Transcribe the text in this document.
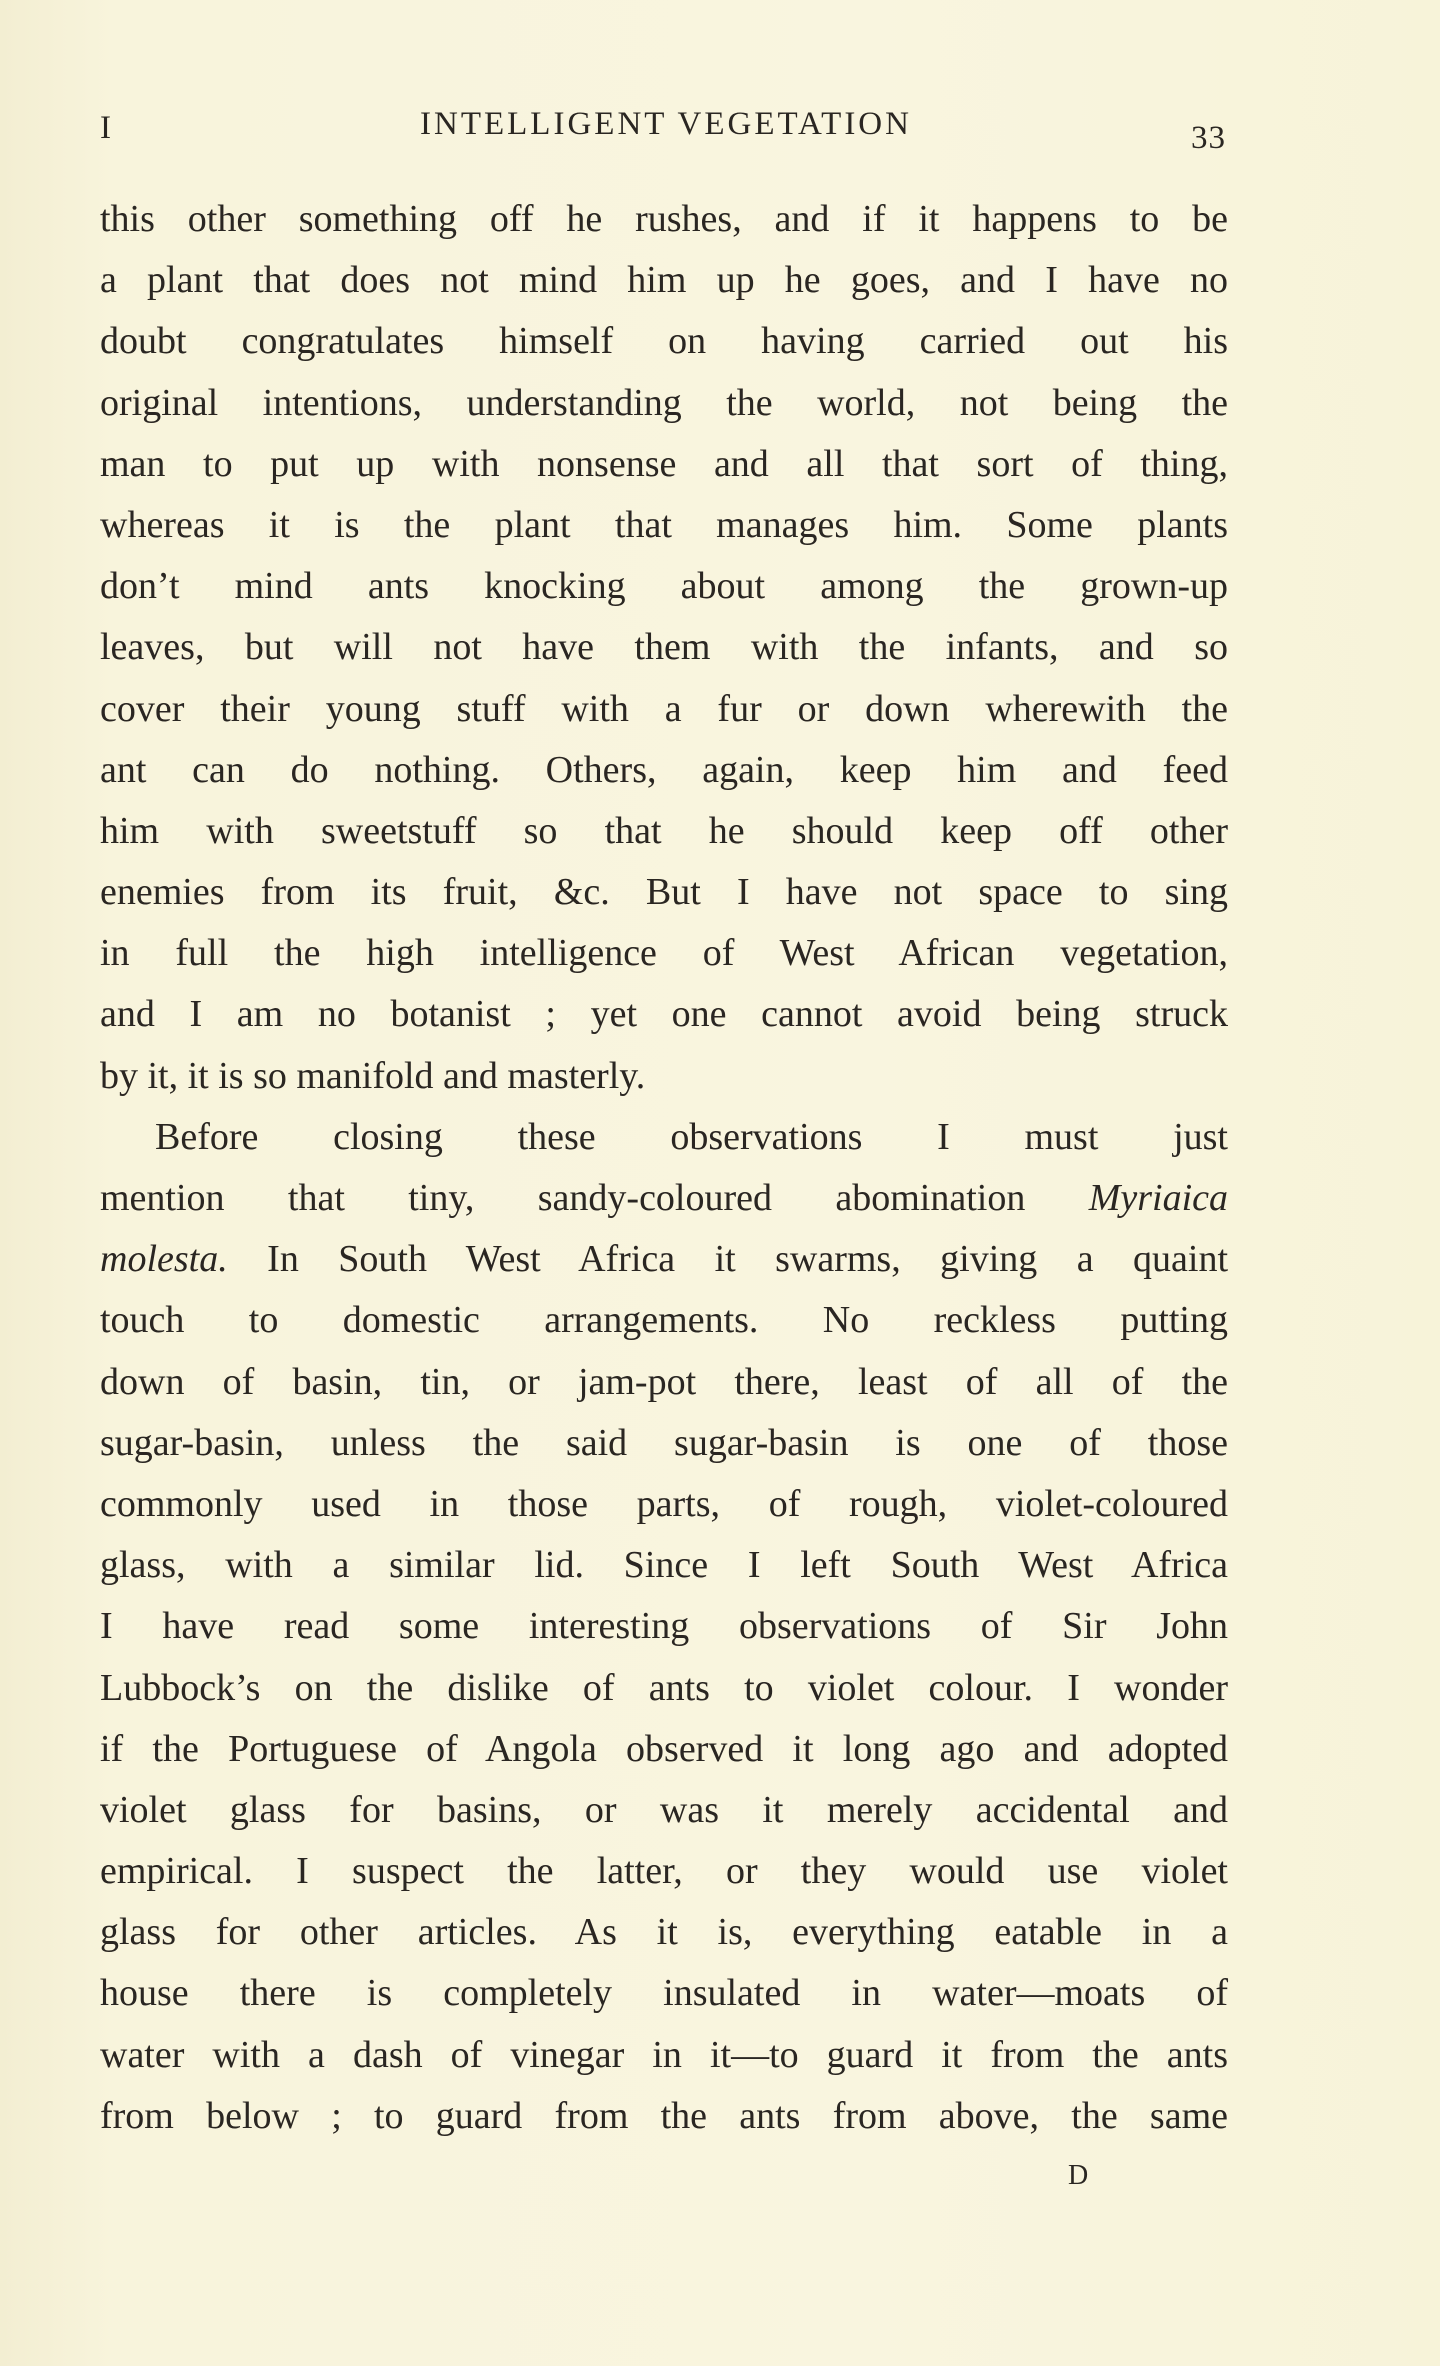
I	INTELLIGENT VEGETATION	33
this other something off he rushes, and if it happens to be
a plant that does not mind him up he goes, and I have no
doubt congratulates himself on having carried out his
original intentions, understanding the world, not being the
man to put up with nonsense and all that sort of thing,
whereas it is the plant that manages him. Some plants
don’t mind ants knocking about among the grown-up
leaves, but will not have them with the infants, and so
cover their young stuff with a fur or down wherewith the
ant can do nothing. Others, again, keep him and feed
him with sweetstuff so that he should keep off other
enemies from its fruit, &c. But I have not space to sing
in full the high intelligence of West African vegetation,
and I am no botanist ; yet one cannot avoid being struck
by it, it is so manifold and masterly.
Before closing these observations I must just
mention that tiny, sandy-coloured abomination Myriaica
molesta. In South West Africa it swarms, giving a quaint
touch to domestic arrangements. No reckless putting
down of basin, tin, or jam-pot there, least of all of the
sugar-basin, unless the said sugar-basin is one of those
commonly used in those parts, of rough, violet-coloured
glass, with a similar lid. Since I left South West Africa
I have read some interesting observations of Sir John
Lubbock’s on the dislike of ants to violet colour. I wonder
if the Portuguese of Angola observed it long ago and adopted
violet glass for basins, or was it merely accidental and
empirical. I suspect the latter, or they would use violet
glass for other articles. As it is, everything eatable in a
house there is completely insulated in water—moats of
water with a dash of vinegar in it—to guard it from the ants
from below ; to guard from the ants from above, the same
D
